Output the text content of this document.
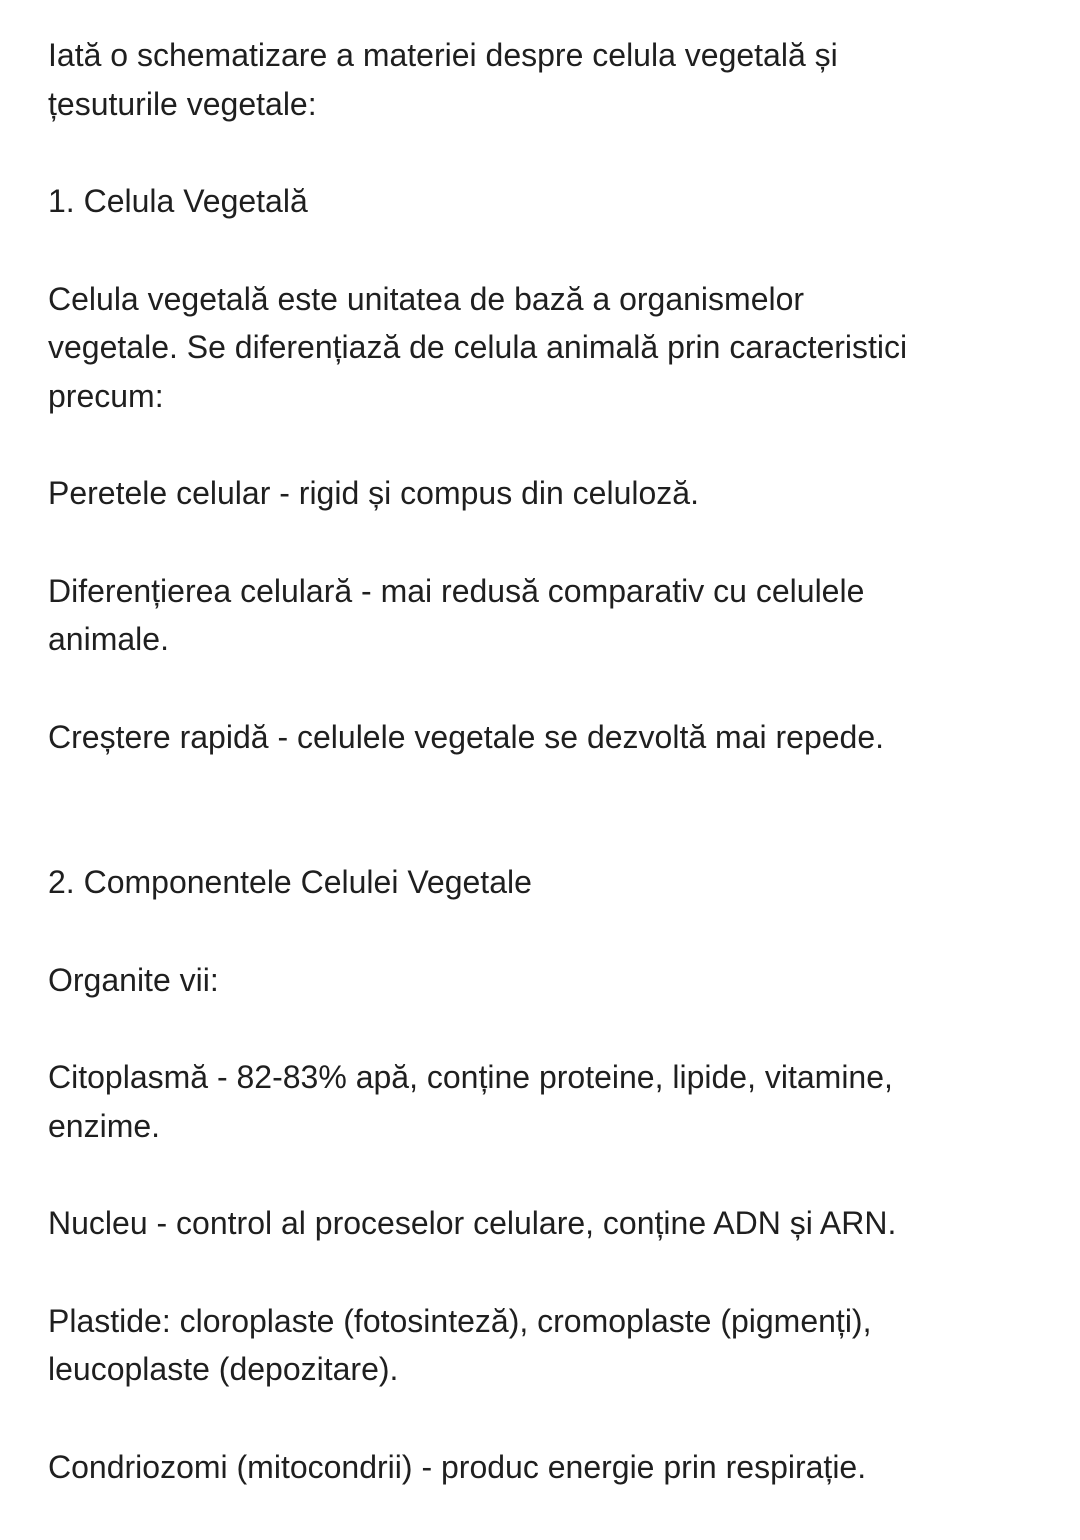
Iată o schematizare a materiei despre celula vegetală și
țesuturile vegetale:

1. Celula Vegetală

Celula vegetală este unitatea de bază a organismelor
vegetale. Se diferențiază de celula animală prin caracteristici
precum:

Peretele celular - rigid și compus din celuloză.

Diferențierea celulară - mai redusă comparativ cu celulele
animale.

Creștere rapidă - celulele vegetale se dezvoltă mai repede.

2. Componentele Celulei Vegetale

Organite vii:

Citoplasmă - 82-83% apă, conține proteine, lipide, vitamine,
enzime.

Nucleu - control al proceselor celulare, conține ADN și ARN.

Plastide: cloroplaste (fotosinteză), cromoplaste (pigmenți),
leucoplaste (depozitare).

Condriozomi (mitocondrii) - produc energie prin respirație.
